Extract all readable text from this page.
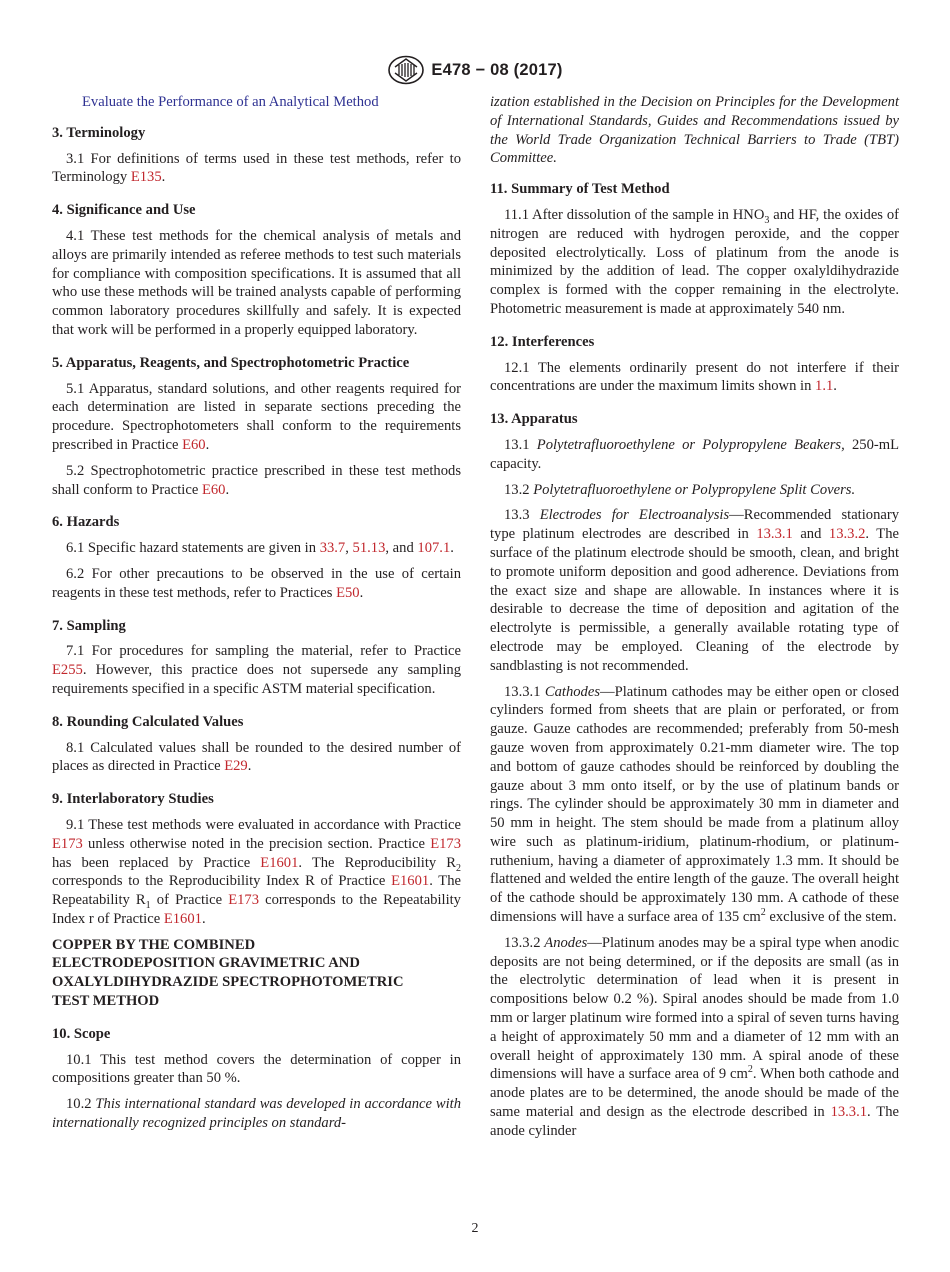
E478 − 08 (2017)

Evaluate the Performance of an Analytical Method

3. Terminology

3.1 For definitions of terms used in these test methods, refer to Terminology E135.

4. Significance and Use

4.1 These test methods for the chemical analysis of metals and alloys are primarily intended as referee methods to test such materials for compliance with composition specifications. It is assumed that all who use these methods will be trained analysts capable of performing common laboratory procedures skillfully and safely. It is expected that work will be performed in a properly equipped laboratory.

5. Apparatus, Reagents, and Spectrophotometric Practice

5.1 Apparatus, standard solutions, and other reagents required for each determination are listed in separate sections preceding the procedure. Spectrophotometers shall conform to the requirements prescribed in Practice E60.

5.2 Spectrophotometric practice prescribed in these test methods shall conform to Practice E60.

6. Hazards

6.1 Specific hazard statements are given in 33.7, 51.13, and 107.1.

6.2 For other precautions to be observed in the use of certain reagents in these test methods, refer to Practices E50.

7. Sampling

7.1 For procedures for sampling the material, refer to Practice E255. However, this practice does not supersede any sampling requirements specified in a specific ASTM material specification.

8. Rounding Calculated Values

8.1 Calculated values shall be rounded to the desired number of places as directed in Practice E29.

9. Interlaboratory Studies

9.1 These test methods were evaluated in accordance with Practice E173 unless otherwise noted in the precision section. Practice E173 has been replaced by Practice E1601. The Reproducibility $R_2$ corresponds to the Reproducibility Index R of Practice E1601. The Repeatability $R_1$ of Practice E173 corresponds to the Repeatability Index r of Practice E1601.

COPPER BY THE COMBINED
ELECTRODEPOSITION GRAVIMETRIC AND
OXALYLDIHYDRAZIDE SPECTROPHOTOMETRIC
TEST METHOD

10. Scope

10.1 This test method covers the determination of copper in compositions greater than 50 %.

10.2 This international standard was developed in accordance with internationally recognized principles on standard-

ization established in the Decision on Principles for the Development of International Standards, Guides and Recommendations issued by the World Trade Organization Technical Barriers to Trade (TBT) Committee.

11. Summary of Test Method

11.1 After dissolution of the sample in $HNO_3$ and HF, the oxides of nitrogen are reduced with hydrogen peroxide, and the copper deposited electrolytically. Loss of platinum from the anode is minimized by the addition of lead. The copper oxalyldihydrazide complex is formed with the copper remaining in the electrolyte. Photometric measurement is made at approximately 540 nm.

12. Interferences

12.1 The elements ordinarily present do not interfere if their concentrations are under the maximum limits shown in 1.1.

13. Apparatus

13.1 Polytetrafluoroethylene or Polypropylene Beakers, 250-mL capacity.

13.2 Polytetrafluoroethylene or Polypropylene Split Covers.

13.3 Electrodes for Electroanalysis—Recommended stationary type platinum electrodes are described in 13.3.1 and 13.3.2. The surface of the platinum electrode should be smooth, clean, and bright to promote uniform deposition and good adherence. Deviations from the exact size and shape are allowable. In instances where it is desirable to decrease the time of deposition and agitation of the electrolyte is permissible, a generally available rotating type of electrode may be employed. Cleaning of the electrode by sandblasting is not recommended.

13.3.1 Cathodes—Platinum cathodes may be either open or closed cylinders formed from sheets that are plain or perforated, or from gauze. Gauze cathodes are recommended; preferably from 50-mesh gauze woven from approximately 0.21-mm diameter wire. The top and bottom of gauze cathodes should be reinforced by doubling the gauze about 3 mm onto itself, or by the use of platinum bands or rings. The cylinder should be approximately 30 mm in diameter and 50 mm in height. The stem should be made from a platinum alloy wire such as platinum-iridium, platinum-rhodium, or platinum-ruthenium, having a diameter of approximately 1.3 mm. It should be flattened and welded the entire length of the gauze. The overall height of the cathode should be approximately 130 mm. A cathode of these dimensions will have a surface area of 135 $cm^2$ exclusive of the stem.

13.3.2 Anodes—Platinum anodes may be a spiral type when anodic deposits are not being determined, or if the deposits are small (as in the electrolytic determination of lead when it is present in compositions below 0.2 %). Spiral anodes should be made from 1.0 mm or larger platinum wire formed into a spiral of seven turns having a height of approximately 50 mm and a diameter of 12 mm with an overall height of approximately 130 mm. A spiral anode of these dimensions will have a surface area of 9 $cm^2$. When both cathode and anode plates are to be determined, the anode should be made of the same material and design as the electrode described in 13.3.1. The anode cylinder

2
